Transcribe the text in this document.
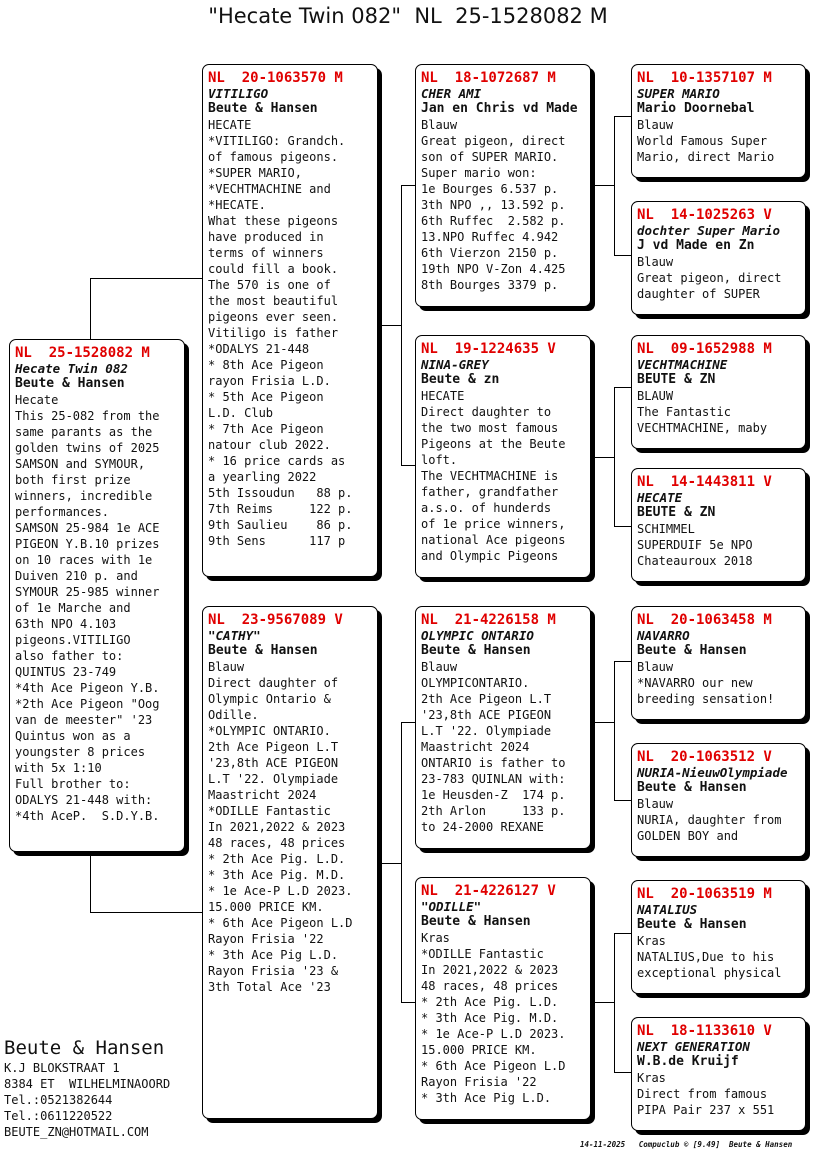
"Hecate Twin 082"  NL  25-1528082 M
NL  25-1528082 M
Hecate Twin 082
Beute & Hansen
Hecate
This 25-082 from the
same parants as the
golden twins of 2025
SAMSON and SYMOUR,
both first prize
winners, incredible
performances.
SAMSON 25-984 1e ACE
PIGEON Y.B.10 prizes
on 10 races with 1e
Duiven 210 p. and
SYMOUR 25-985 winner
of 1e Marche and
63th NPO 4.103
pigeons.VITILIGO
also father to:
QUINTUS 23-749
*4th Ace Pigeon Y.B.
*2th Ace Pigeon "Oog
van de meester" '23
Quintus won as a
youngster 8 prices
with 5x 1:10
Full brother to:
ODALYS 21-448 with:
*4th AceP.  S.D.Y.B.
NL  20-1063570 M
VITILIGO
Beute & Hansen
HECATE
*VITILIGO: Grandch.
of famous pigeons.
*SUPER MARIO,
*VECHTMACHINE and
*HECATE.
What these pigeons
have produced in
terms of winners
could fill a book.
The 570 is one of
the most beautiful
pigeons ever seen.
Vitiligo is father
*ODALYS 21-448
* 8th Ace Pigeon
rayon Frisia L.D.
* 5th Ace Pigeon
L.D. Club
* 7th Ace Pigeon
natour club 2022.
* 16 price cards as
a yearling 2022
5th Issoudun   88 p.
7th Reims     122 p.
9th Saulieu    86 p.
9th Sens      117 p
NL  23-9567089 V
"CATHY"
Beute & Hansen
Blauw
Direct daughter of
Olympic Ontario &
Odille.
*OLYMPIC ONTARIO.
2th Ace Pigeon L.T
'23,8th ACE PIGEON
L.T '22. Olympiade
Maastricht 2024
*ODILLE Fantastic
In 2021,2022 & 2023
48 races, 48 prices
* 2th Ace Pig. L.D.
* 3th Ace Pig. M.D.
* 1e Ace-P L.D 2023.
15.000 PRICE KM.
* 6th Ace Pigeon L.D
Rayon Frisia '22
* 3th Ace Pig L.D.
Rayon Frisia '23 &
3th Total Ace '23
NL  18-1072687 M
CHER AMI
Jan en Chris vd Made
Blauw
Great pigeon, direct
son of SUPER MARIO.
Super mario won:
1e Bourges 6.537 p.
3th NPO ,, 13.592 p.
6th Ruffec  2.582 p.
13.NPO Ruffec 4.942
6th Vierzon 2150 p.
19th NPO V-Zon 4.425
8th Bourges 3379 p.
NL  19-1224635 V
NINA-GREY
Beute & zn
HECATE
Direct daughter to
the two most famous
Pigeons at the Beute
loft.
The VECHTMACHINE is
father, grandfather
a.s.o. of hunderds
of 1e price winners,
national Ace pigeons
and Olympic Pigeons
NL  21-4226158 M
OLYMPIC ONTARIO
Beute & Hansen
Blauw
OLYMPICONTARIO.
2th Ace Pigeon L.T
'23,8th ACE PIGEON
L.T '22. Olympiade
Maastricht 2024
ONTARIO is father to
23-783 QUINLAN with:
1e Heusden-Z  174 p.
2th Arlon     133 p.
to 24-2000 REXANE
NL  21-4226127 V
"ODILLE"
Beute & Hansen
Kras
*ODILLE Fantastic
In 2021,2022 & 2023
48 races, 48 prices
* 2th Ace Pig. L.D.
* 3th Ace Pig. M.D.
* 1e Ace-P L.D 2023.
15.000 PRICE KM.
* 6th Ace Pigeon L.D
Rayon Frisia '22
* 3th Ace Pig L.D.
NL  10-1357107 M
SUPER MARIO
Mario Doornebal
Blauw
World Famous Super
Mario, direct Mario
NL  14-1025263 V
dochter Super Mario
J vd Made en Zn
Blauw
Great pigeon, direct
daughter of SUPER
NL  09-1652988 M
VECHTMACHINE
BEUTE & ZN
BLAUW
The Fantastic
VECHTMACHINE, maby
NL  14-1443811 V
HECATE
BEUTE & ZN
SCHIMMEL
SUPERDUIF 5e NPO
Chateauroux 2018
NL  20-1063458 M
NAVARRO
Beute & Hansen
Blauw
*NAVARRO our new
breeding sensation!
NL  20-1063512 V
NURIA-NieuwOlympiade
Beute & Hansen
Blauw
NURIA, daughter from
GOLDEN BOY and
NL  20-1063519 M
NATALIUS
Beute & Hansen
Kras
NATALIUS,Due to his
exceptional physical
NL  18-1133610 V
NEXT GENERATION
W.B.de Kruijf
Kras
Direct from famous
PIPA Pair 237 x 551
Beute & Hansen
K.J BLOKSTRAAT 1
8384 ET  WILHELMINAOORD
Tel.:0521382644
Tel.:0611220522
BEUTE_ZN@HOTMAIL.COM
14-11-2025   Compuclub © [9.49]  Beute & Hansen
